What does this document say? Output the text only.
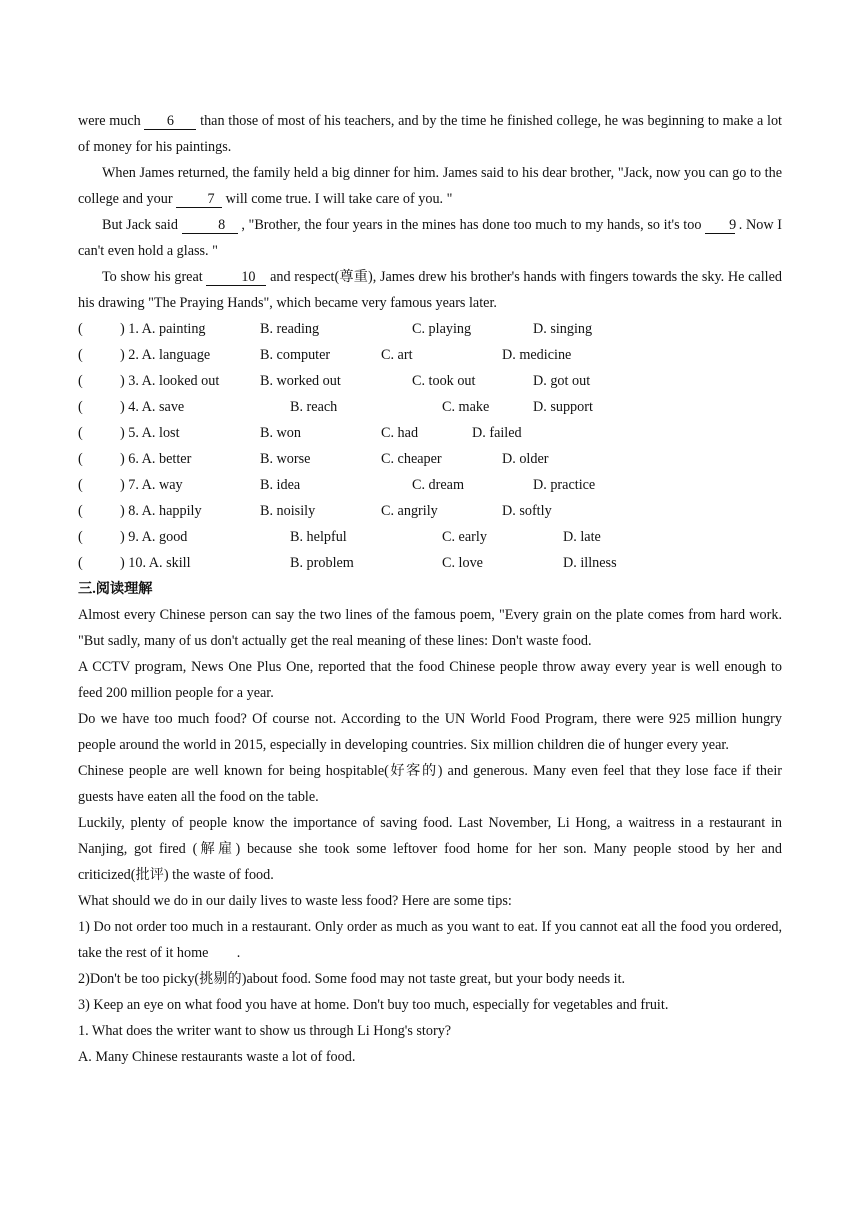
were much 6 than those of most of his teachers, and by the time he finished college, he was beginning to make a lot of money for his paintings.

When James returned, the family held a big dinner for him. James said to his dear brother, "Jack, now you can go to the college and your 7 will come true. I will take care of you. "

But Jack said	8 , "Brother, the four years in the mines has done too much to my hands, so it's too 9 . Now I can't even hold a glass. "

To show his great 10 and respect(尊重), James drew his brother's hands with fingers towards the sky. He called his drawing "The Praying Hands", which became very famous years later.

(	) 1. A. painting	B. reading	C. playing	D. singing
(	) 2. A. language	B. computer	C. art	D. medicine
(	) 3. A. looked out	B. worked out	C. took out	D. got out
(	) 4. A. save	B. reach	C. make	D. support
(	) 5. A. lost	B. won	C. had	D. failed
(	) 6. A. better	B. worse	C. cheaper	D. older
(	) 7. A. way	B. idea	C. dream	D. practice
(	) 8. A. happily	B. noisily	C. angrily	D. softly
(	) 9. A. good	B. helpful	C. early	D. late
(	) 10. A. skill	B. problem	C. love	D. illness

三.阅读理解

Almost every Chinese person can say the two lines of the famous poem, "Every grain on the plate comes from hard work. "But sadly, many of us don't actually get the real meaning of these lines: Don't waste food.

A CCTV program, News One Plus One, reported that the food Chinese people throw away every year is well enough to feed 200 million people for a year.

Do we have too much food? Of course not. According to the UN World Food Program, there were 925 million hungry people around the world in 2015, especially in developing countries. Six million children die of hunger every year.

Chinese people are well known for being hospitable(好客的) and generous. Many even feel that they lose face if their guests have eaten all the food on the table.

Luckily, plenty of people know the importance of saving food. Last November, Li Hong, a waitress in a restaurant in Nanjing, got fired (解雇) because she took some leftover food home for her son. Many people stood by her and criticized(批评) the waste of food.

What should we do in our daily lives to waste less food? Here are some tips:

1) Do not order too much in a restaurant. Only order as much as you want to eat. If you cannot eat all the food you ordered, take the rest of it home        .

2)Don't be too picky(挑剔的)about food. Some food may not taste great, but your body needs it.

3) Keep an eye on what food you have at home. Don't buy too much, especially for vegetables and fruit.

1. What does the writer want to show us through Li Hong's story?

A. Many Chinese restaurants waste a lot of food.
